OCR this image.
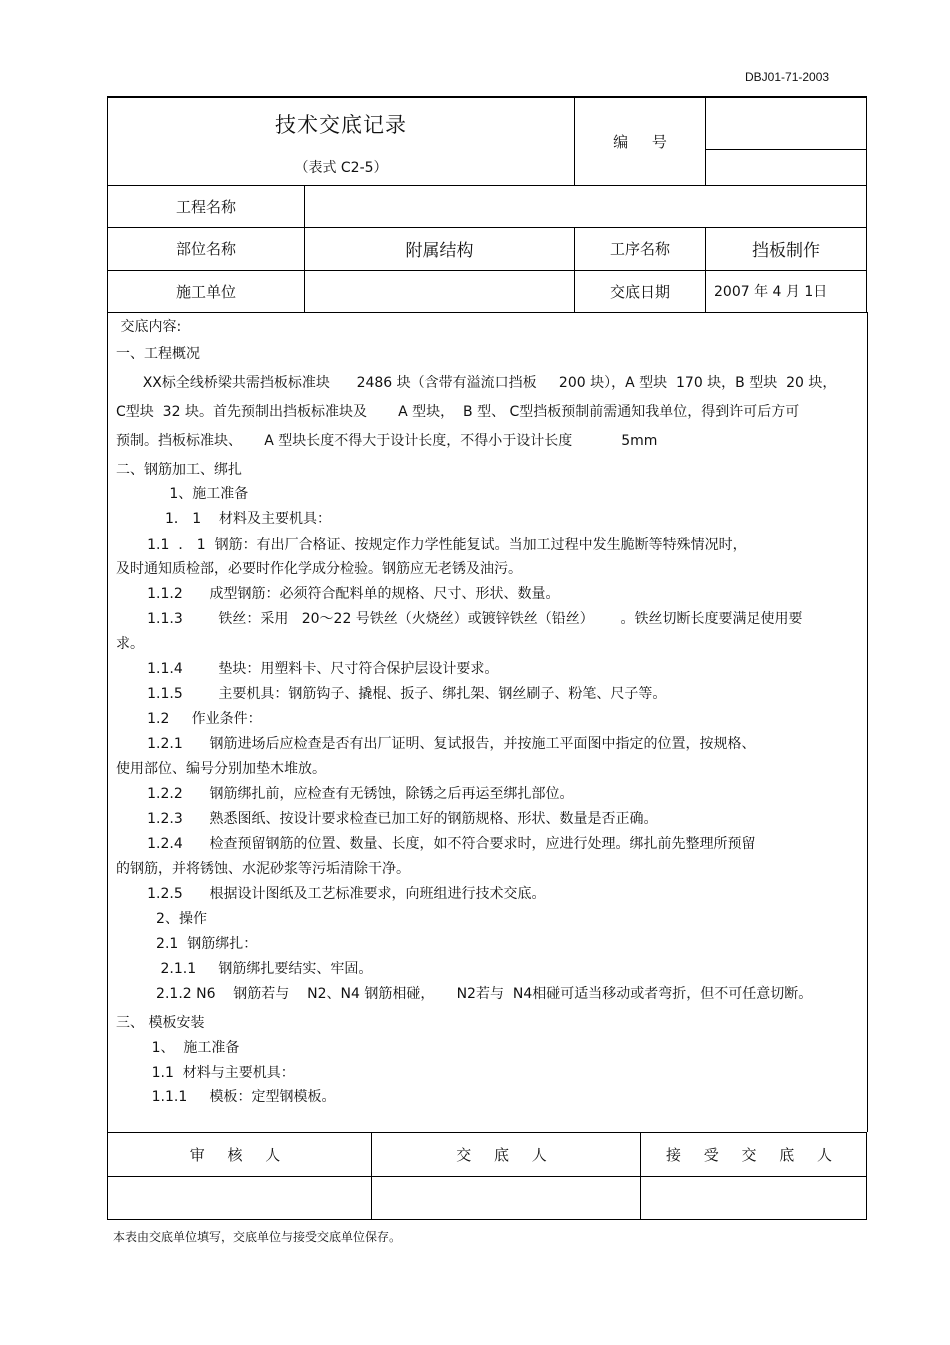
DBJ01-71-2003
技术交底记录
（表式 C2-5）		编     号	

工程名称			
部位名称	附属结构	工序名称	挡板制作
施工单位		交底日期	2007 年 4 月 1日
交底内容:
一、工程概况
XX标全线桥梁共需挡板标准块      2486 块（含带有溢流口挡板     200 块），A 型块  170 块，B 型块  20 块，
C型块  32 块。首先预制出挡板标准块及       A 型块，  B 型、 C型挡板预制前需通知我单位，得到许可后方可
预制。挡板标准块、     A 型块长度不得大于设计长度，不得小于设计长度           5mm
二、钢筋加工、绑扎
1、施工准备
1． 1    材料及主要机具：
1.1  ． 1  钢筋：有出厂合格证、按规定作力学性能复试。当加工过程中发生脆断等特殊情况时，
及时通知质检部，必要时作化学成分检验。钢筋应无老锈及油污。
1.1.2      成型钢筋：必须符合配料单的规格、尺寸、形状、数量。
1.1.3        铁丝：采用   20～22 号铁丝（火烧丝）或镀锌铁丝（铅丝）      。铁丝切断长度要满足使用要
求。
1.1.4        垫块：用塑料卡、尺寸符合保护层设计要求。
1.1.5        主要机具：钢筋钩子、撬棍、扳子、绑扎架、钢丝刷子、粉笔、尺子等。
1.2     作业条件：
1.2.1      钢筋进场后应检查是否有出厂证明、复试报告，并按施工平面图中指定的位置，按规格、
使用部位、编号分别加垫木堆放。
1.2.2      钢筋绑扎前，应检查有无锈蚀，除锈之后再运至绑扎部位。
1.2.3      熟悉图纸、按设计要求检查已加工好的钢筋规格、形状、数量是否正确。
1.2.4      检查预留钢筋的位置、数量、长度，如不符合要求时，应进行处理。绑扎前先整理所预留
的钢筋，并将锈蚀、水泥砂浆等污垢清除干净。
1.2.5      根据设计图纸及工艺标准要求，向班组进行技术交底。
2、操作
2.1  钢筋绑扎：
2.1.1     钢筋绑扎要结实、牢固。
2.1.2 N6    钢筋若与    N2、N4 钢筋相碰，     N2若与  N4相碰可适当移动或者弯折，但不可任意切断。
三、 模板安装
1、  施工准备
1.1  材料与主要机具：
1.1.1     模板：定型钢模板。
审 核 人	交 底 人	接 受 交 底 人

本表由交底单位填写，交底单位与接受交底单位保存。
